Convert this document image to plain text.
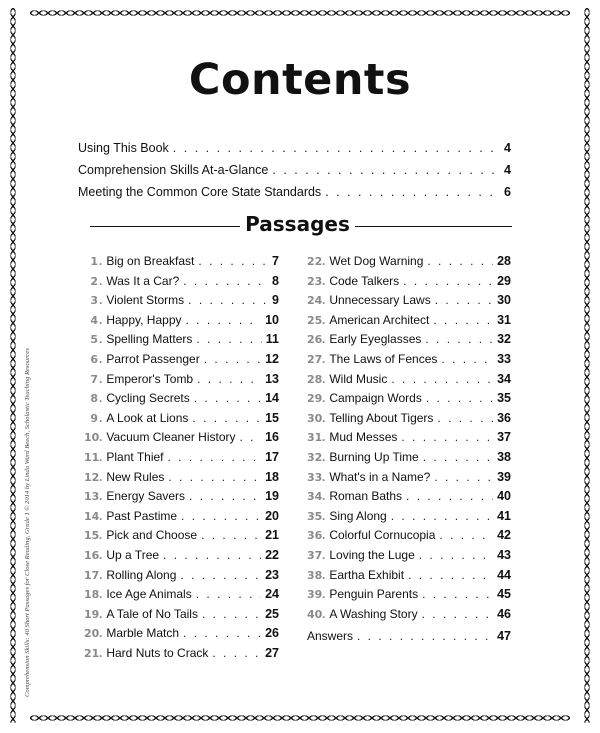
Contents
Using This Book . . .	4
Comprehension Skills At-a-Glance . . .	4
Meeting the Common Core State Standards . . .	6
Passages
1 . Big on Breakfast . . .	7
2 . Was It a Car? . . .	8
3 . Violent Storms . . .	9
4 . Happy, Happy . . .	10
5 . Spelling Matters . . .	11
6 . Parrot Passenger . . .	12
7 . Emperor's Tomb . . .	13
8 . Cycling Secrets . . .	14
9 . A Look at Lions . . .	15
10 . Vacuum Cleaner History . . . 16
11 . Plant Thief . . .	17
12 . New Rules . . .	18
13 . Energy Savers . . .	19
14 . Past Pastime . . .	20
15 . Pick and Choose . . .	21
16 . Up a Tree . . .	22
17 . Rolling Along . . .	23
18 . Ice Age Animals . . .	24
19 . A Tale of No Tails . . .	25
20 . Marble Match . . .	26
21 . Hard Nuts to Crack . . .	27
22 . Wet Dog Warning . . .	28
23 . Code Talkers . . .	29
24 . Unnecessary Laws . . .	30
25 . American Architect . . .	31
26 . Early Eyeglasses . . .	32
27 . The Laws of Fences . . .	33
28 . Wild Music . . .	34
29 . Campaign Words . . .	35
30 . Telling About Tigers . . .	36
31 . Mud Messes . . .	37
32 . Burning Up Time . . .	38
33 . What's in a Name? . . .	39
34 . Roman Baths . . .	40
35 . Sing Along . . .	41
36 . Colorful Cornucopia . . .	42
37 . Loving the Luge . . .	43
38 . Eartha Exhibit . . .	44
39 . Penguin Parents . . .	45
40 . A Washing Story . . .	46
Answers . . .	47
Comprehension Skills: 40 Short Passages for Close Reading, Grade 1 © 2014 by Linda Ward Beech, Scholastic Teaching Resources
